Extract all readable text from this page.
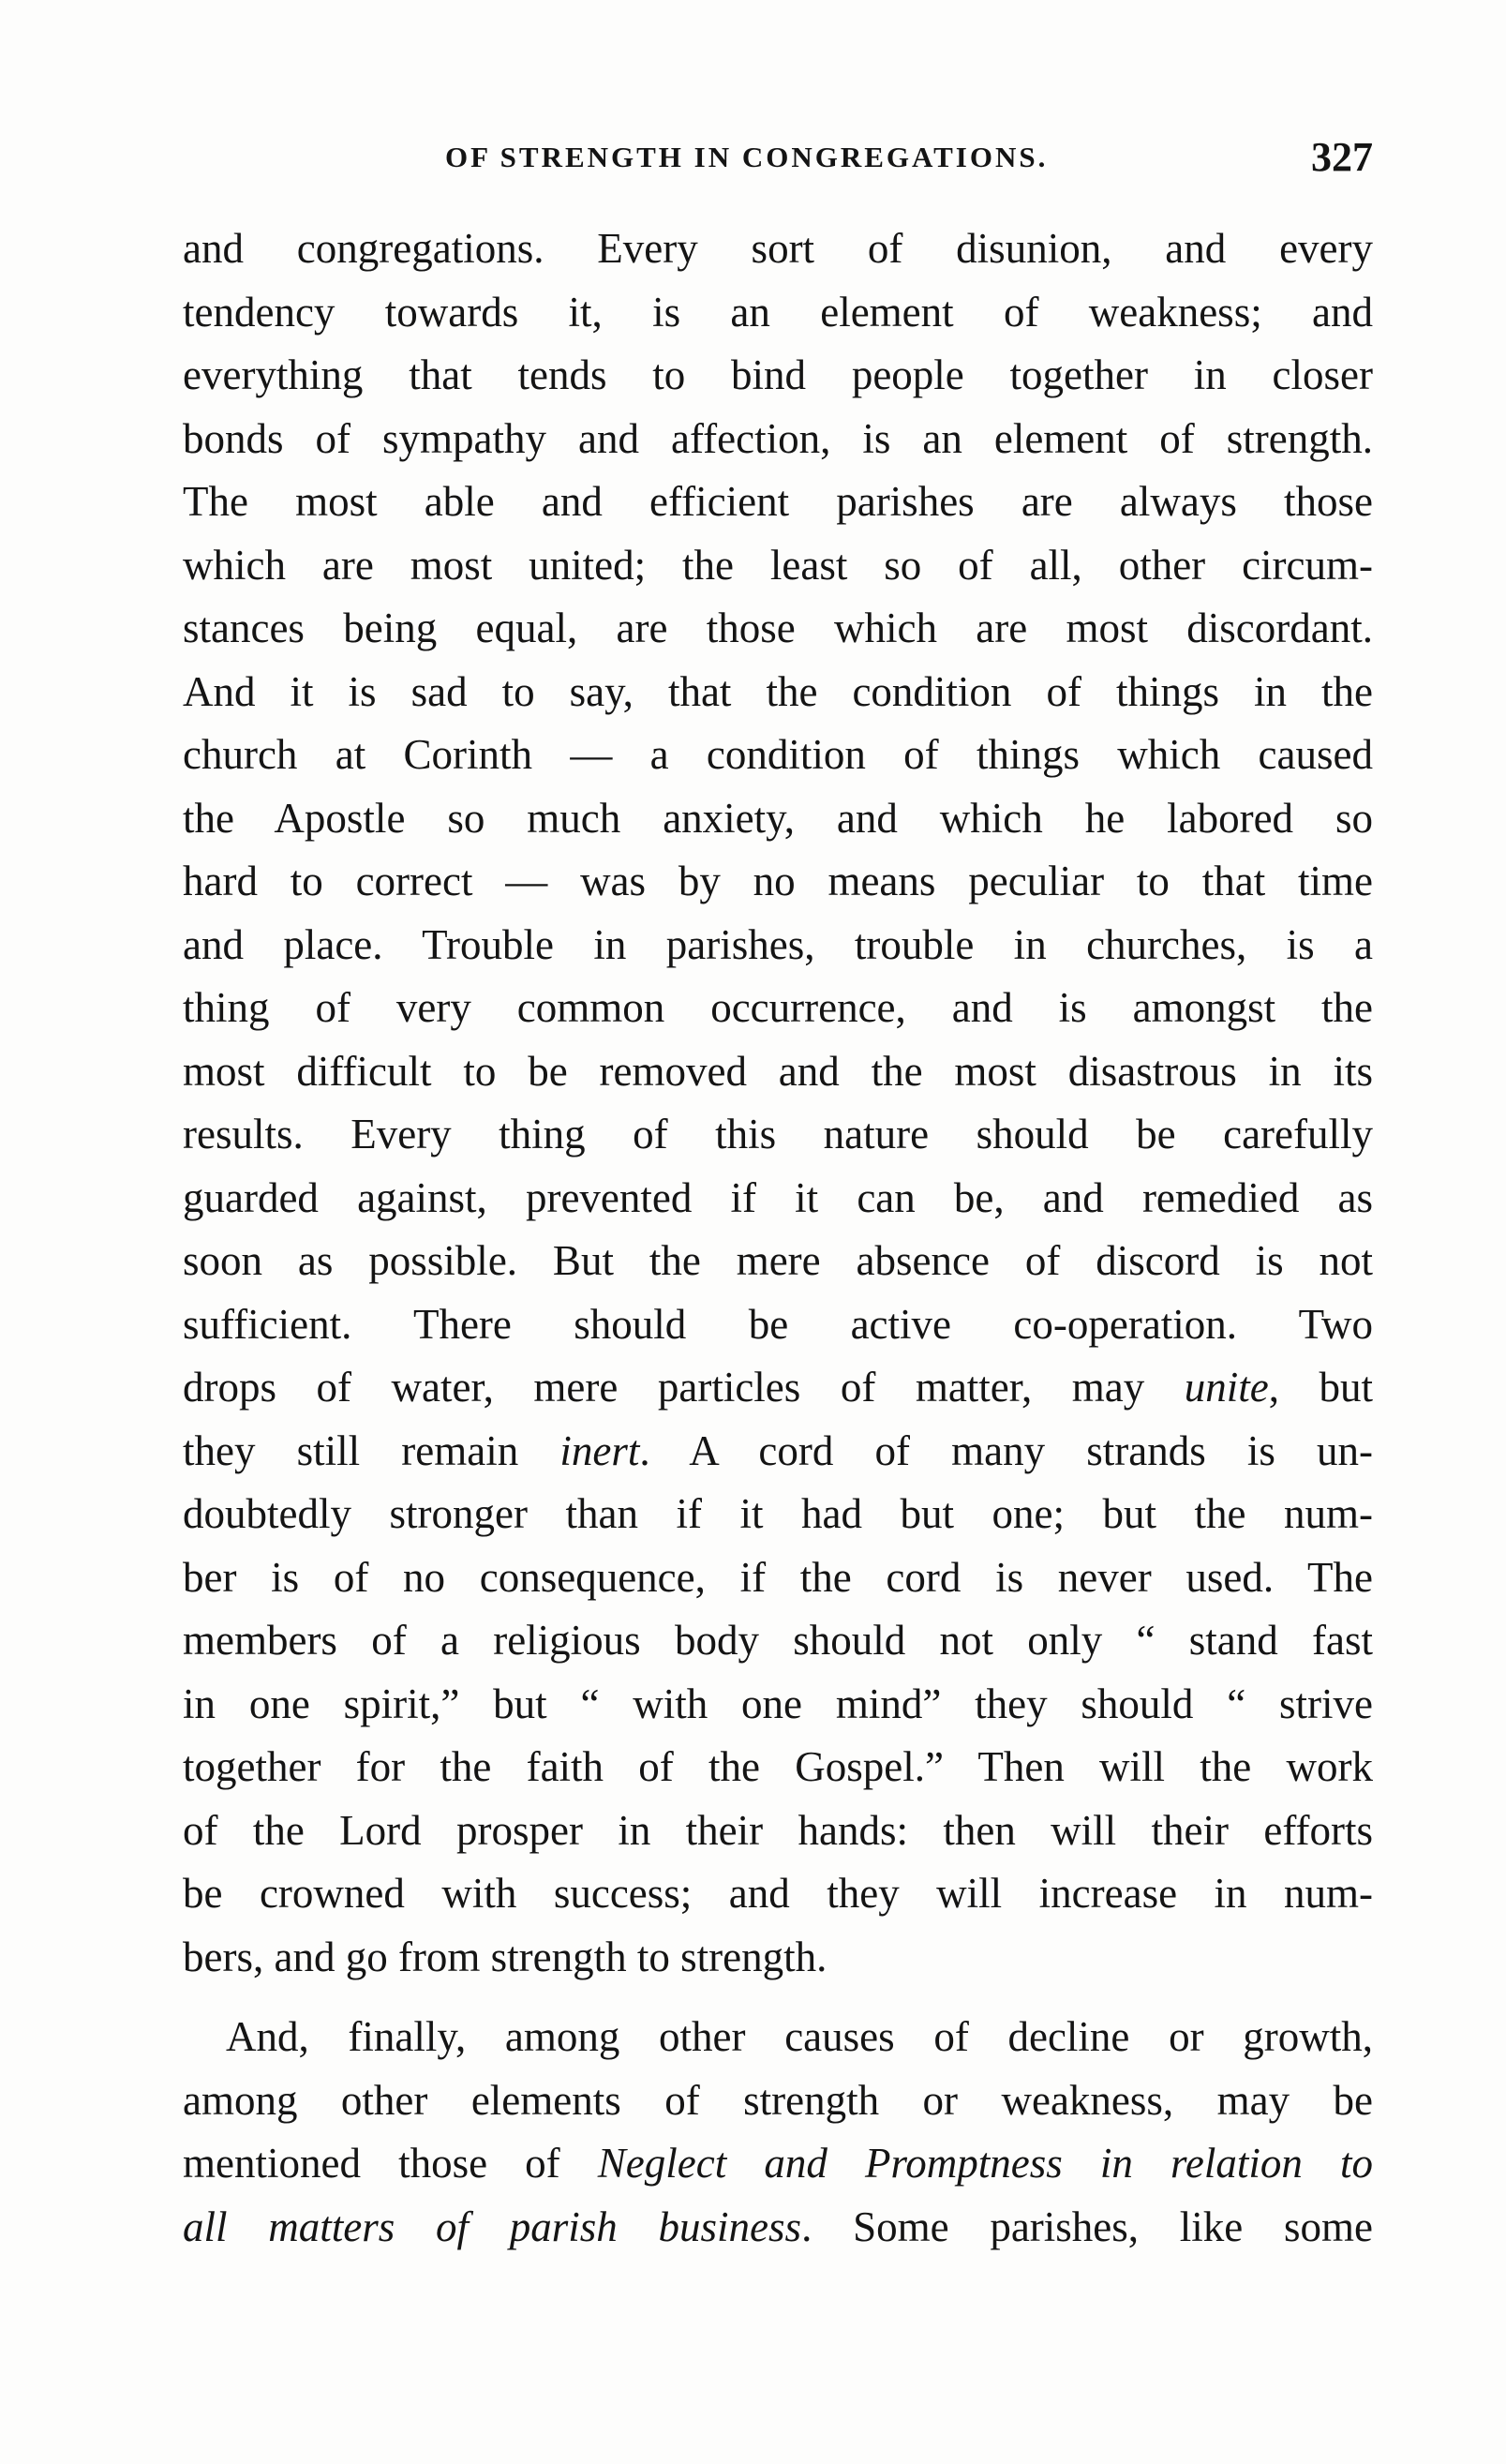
OF STRENGTH IN CONGREGATIONS.	327
and congregations. Every sort of disunion, and every
tendency towards it, is an element of weakness; and
everything that tends to bind people together in closer
bonds of sympathy and affection, is an element of strength.
The most able and efficient parishes are always those
which are most united; the least so of all, other circum-
stances being equal, are those which are most discordant.
And it is sad to say, that the condition of things in the
church at Corinth — a condition of things which caused
the Apostle so much anxiety, and which he labored so
hard to correct — was by no means peculiar to that time
and place. Trouble in parishes, trouble in churches, is a
thing of very common occurrence, and is amongst the
most difficult to be removed and the most disastrous in its
results. Every thing of this nature should be carefully
guarded against, prevented if it can be, and remedied as
soon as possible. But the mere absence of discord is not
sufficient. There should be active co-operation. Two
drops of water, mere particles of matter, may unite, but
they still remain inert. A cord of many strands is un-
doubtedly stronger than if it had but one; but the num-
ber is of no consequence, if the cord is never used. The
members of a religious body should not only “ stand fast
in one spirit,” but “ with one mind” they should “ strive
together for the faith of the Gospel.” Then will the work
of the Lord prosper in their hands: then will their efforts
be crowned with success; and they will increase in num-
bers, and go from strength to strength.
And, finally, among other causes of decline or growth,
among other elements of strength or weakness, may be
mentioned those of Neglect and Promptness in relation to
all matters of parish business. Some parishes, like some
